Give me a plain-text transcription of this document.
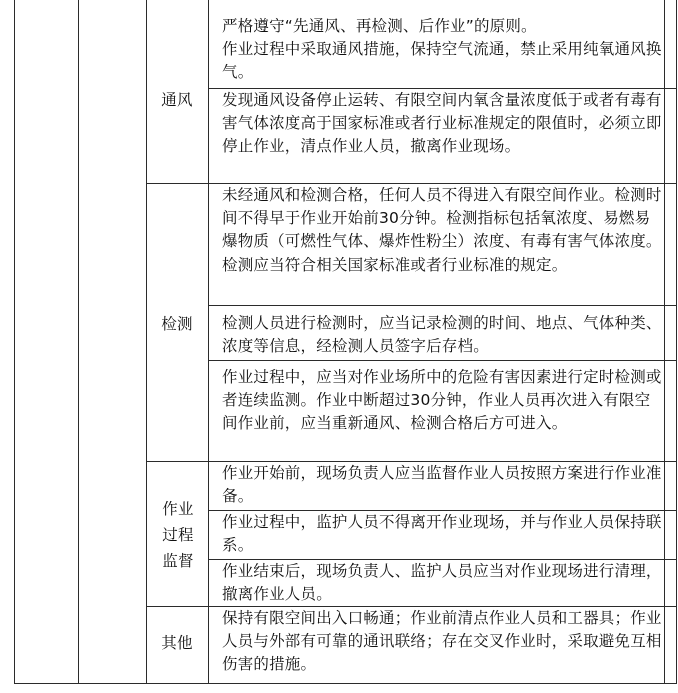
通风
检测
作业过程监督
其他
严格遵守“先通风、再检测、后作业”的原则。
作业过程中采取通风措施，保持空气流通，禁止采用纯氧通风换气。
发现通风设备停止运转、有限空间内氧含量浓度低于或者有毒有害气体浓度高于国家标准或者行业标准规定的限值时，必须立即停止作业，清点作业人员，撤离作业现场。
未经通风和检测合格，任何人员不得进入有限空间作业。检测时间不得早于作业开始前30分钟。检测指标包括氧浓度、易燃易爆物质（可燃性气体、爆炸性粉尘）浓度、有毒有害气体浓度。检测应当符合相关国家标准或者行业标准的规定。
检测人员进行检测时，应当记录检测的时间、地点、气体种类、浓度等信息，经检测人员签字后存档。
作业过程中，应当对作业场所中的危险有害因素进行定时检测或者连续监测。作业中断超过30分钟，作业人员再次进入有限空间作业前，应当重新通风、检测合格后方可进入。
作业开始前，现场负责人应当监督作业人员按照方案进行作业准备。
作业过程中，监护人员不得离开作业现场，并与作业人员保持联系。
作业结束后，现场负责人、监护人员应当对作业现场进行清理，撤离作业人员。
保持有限空间出入口畅通；作业前清点作业人员和工器具；作业人员与外部有可靠的通讯联络；存在交叉作业时，采取避免互相伤害的措施。
